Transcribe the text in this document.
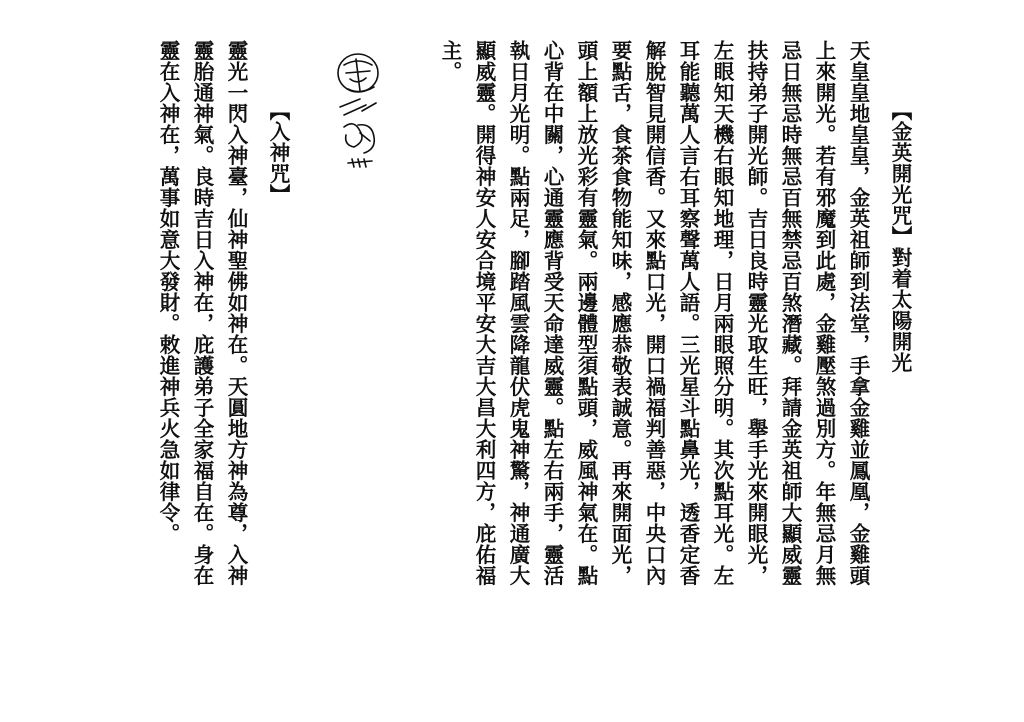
【金英開光咒】對着太陽開光
天皇皇地皇皇，金英祖師到法堂，手拿金雞並鳳凰，金雞頭
上來開光。若有邪魔到此處，金雞壓煞過別方。年無忌月無
忌日無忌時無忌百無禁忌百煞潛藏。拜請金英祖師大顯威靈
扶持弟子開光師。吉日良時靈光取生旺，舉手光來開眼光，
左眼知天機右眼知地理，日月兩眼照分明。其次點耳光。左
耳能聽萬人言右耳察聲萬人語。三光星斗點鼻光，透香定香
解脫智見開信香。又來點口光，開口禍福判善惡，中央口內
要點舌，食茶食物能知味，感應恭敬表誠意。再來開面光，
頭上額上放光彩有靈氣。兩邊體型須點頭，威風神氣在。點
心背在中關，心通靈應背受天命達威靈。點左右兩手，靈活
執日月光明。點兩足，腳踏風雲降龍伏虎鬼神驚，神通廣大
顯威靈。開得神安人安合境平安大吉大昌大利四方，庇佑福
主。
【入神咒】
靈光一閃入神臺，仙神聖佛如神在。天圓地方神為尊，入神
靈胎通神氣。良時吉日入神在，庇護弟子全家福自在。身在
靈在入神在，萬事如意大發財。敕進神兵火急如律令。
